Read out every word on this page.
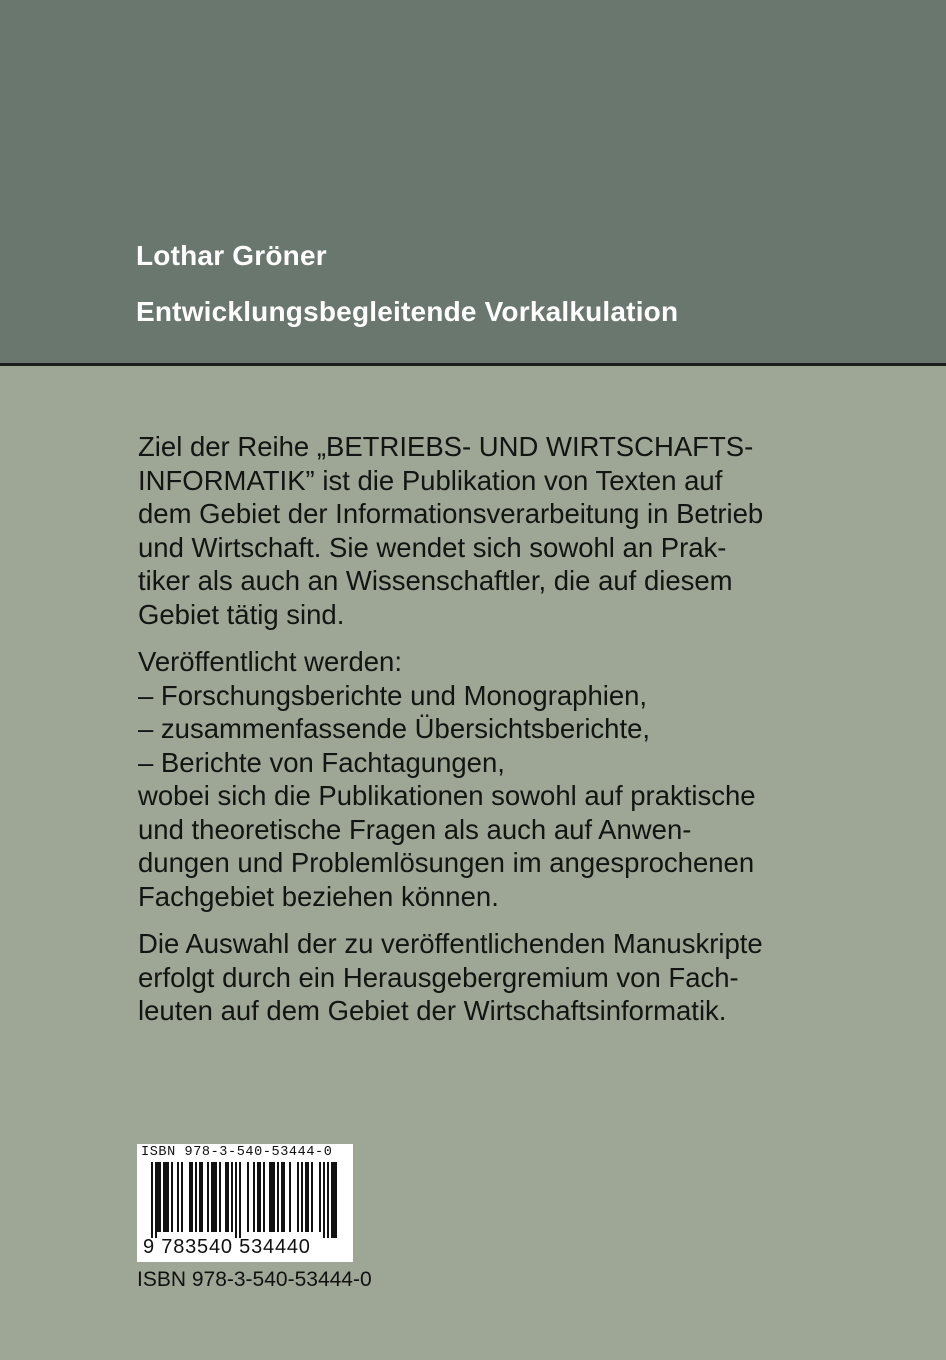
Lothar Gröner
Entwicklungsbegleitende Vorkalkulation

Ziel der Reihe „BETRIEBS- UND WIRTSCHAFTS-
INFORMATIK” ist die Publikation von Texten auf
dem Gebiet der Informationsverarbeitung in Betrieb
und Wirtschaft. Sie wendet sich sowohl an Prak-
tiker als auch an Wissenschaftler, die auf diesem
Gebiet tätig sind.

Veröffentlicht werden:
– Forschungsberichte und Monographien,
– zusammenfassende Übersichtsberichte,
– Berichte von Fachtagungen,
wobei sich die Publikationen sowohl auf praktische
und theoretische Fragen als auch auf Anwen-
dungen und Problemlösungen im angesprochenen
Fachgebiet beziehen können.

Die Auswahl der zu veröffentlichenden Manuskripte
erfolgt durch ein Herausgebergremium von Fach-
leuten auf dem Gebiet der Wirtschaftsinformatik.

ISBN 978-3-540-53444-0
9 783540 534440
ISBN 978-3-540-53444-0
